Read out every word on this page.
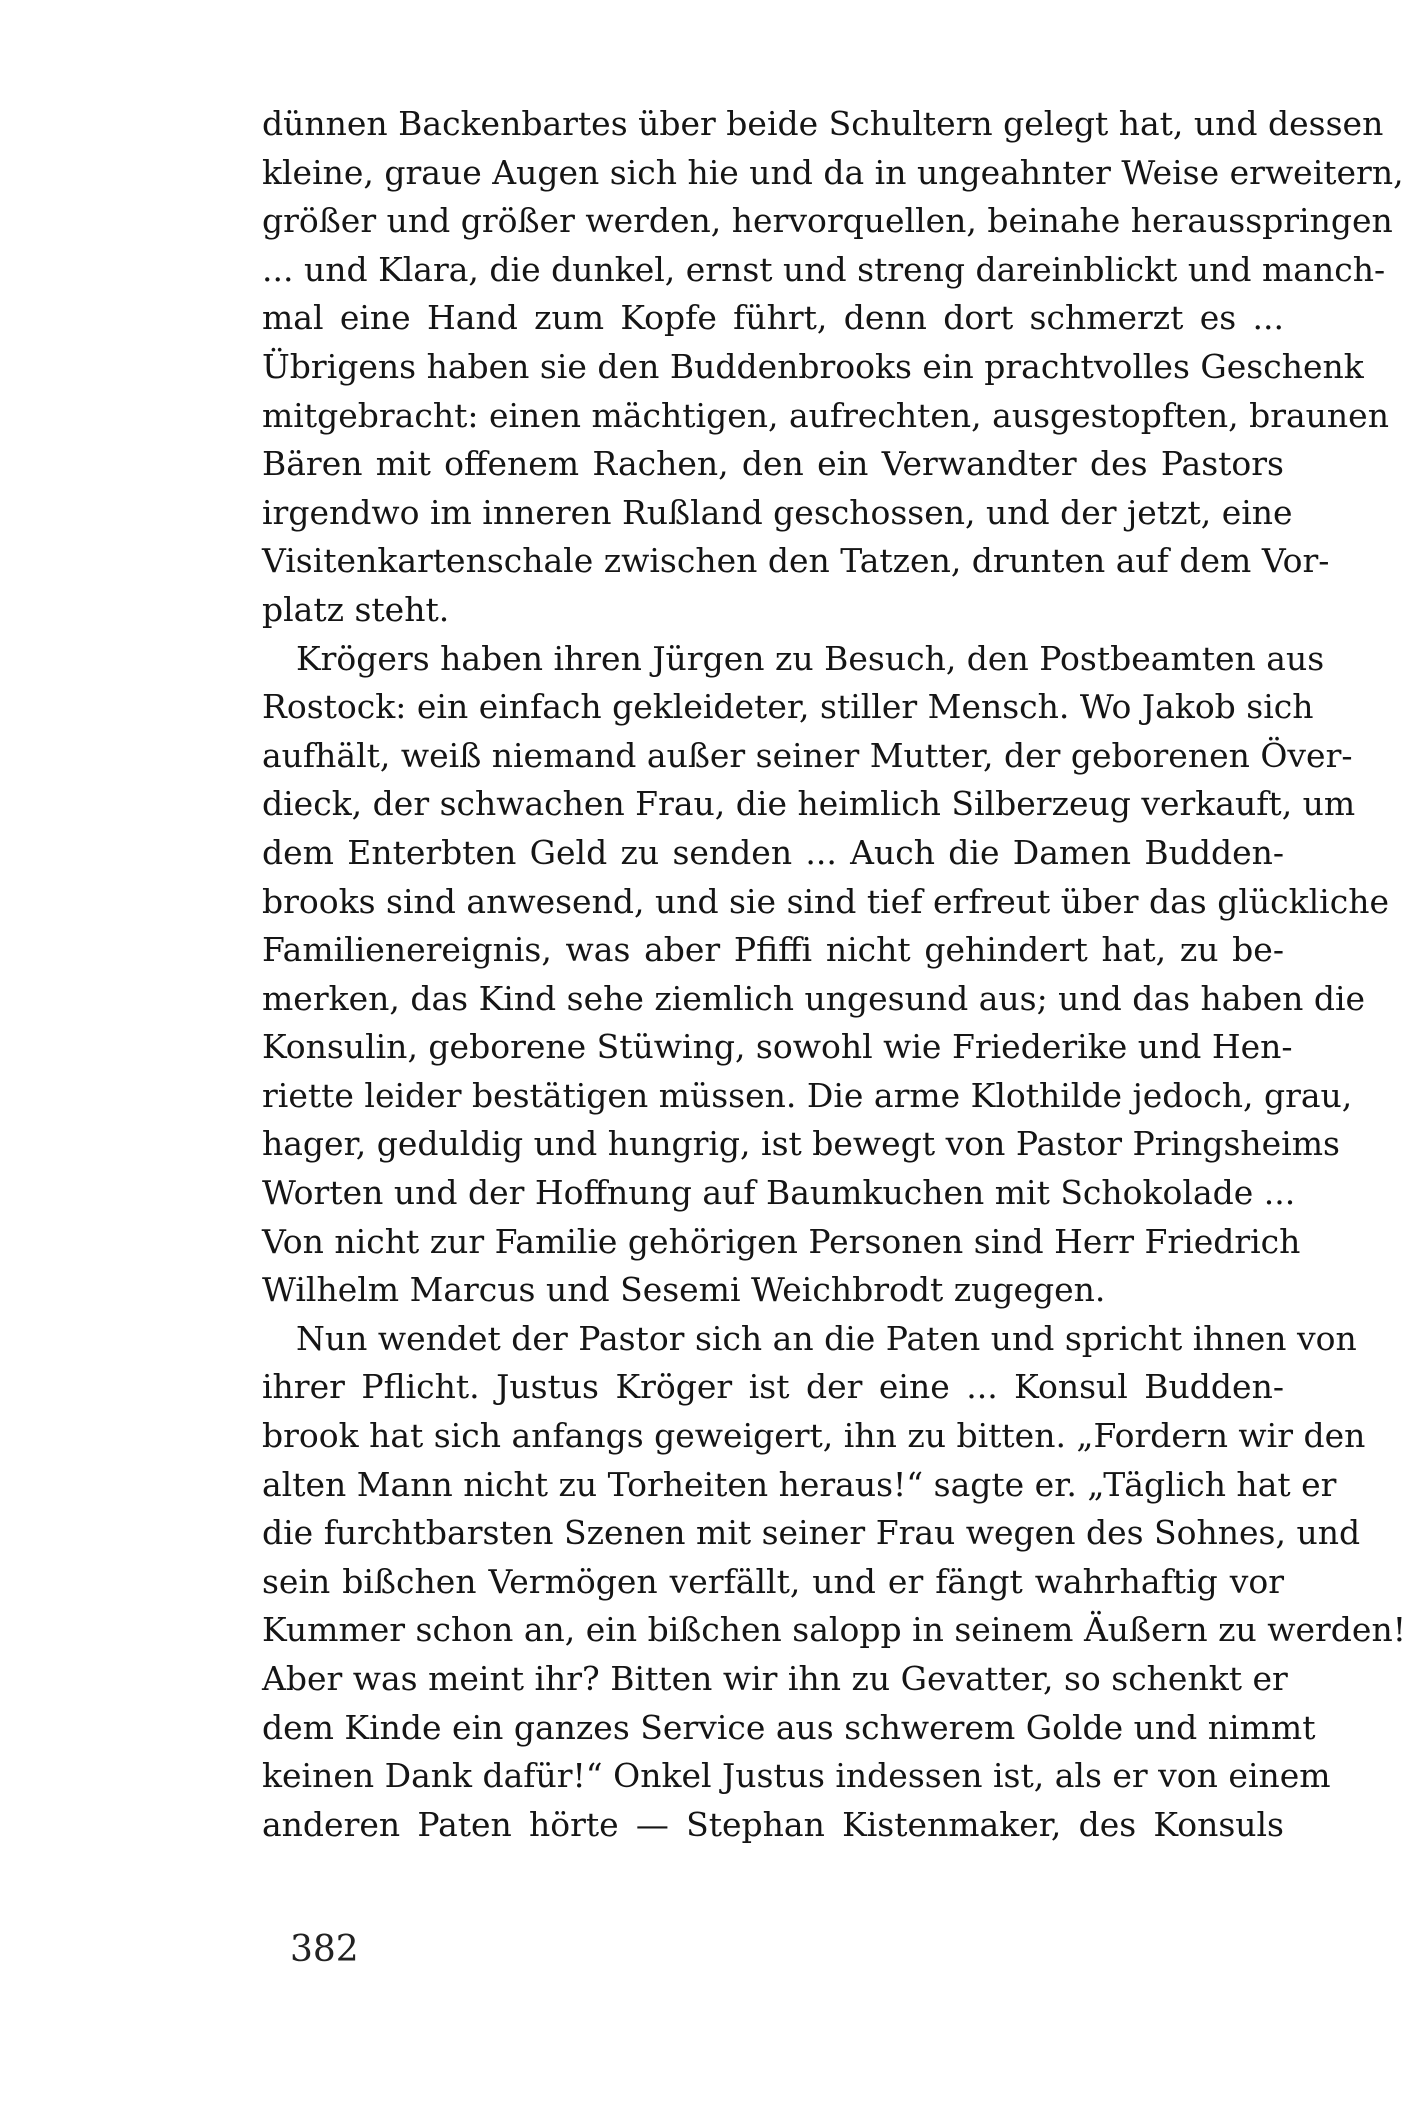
dünnen Backenbartes über beide Schultern gelegt hat, und dessen
kleine, graue Augen sich hie und da in ungeahnter Weise erweitern,
größer und größer werden, hervorquellen, beinahe herausspringen
... und Klara, die dunkel, ernst und streng dareinblickt und manch-
mal eine Hand zum Kopfe führt, denn dort schmerzt es ...
Übrigens haben sie den Buddenbrooks ein prachtvolles Geschenk
mitgebracht: einen mächtigen, aufrechten, ausgestopften, braunen
Bären mit offenem Rachen, den ein Verwandter des Pastors
irgendwo im inneren Rußland geschossen, und der jetzt, eine
Visitenkartenschale zwischen den Tatzen, drunten auf dem Vor-
platz steht.
Krögers haben ihren Jürgen zu Besuch, den Postbeamten aus
Rostock: ein einfach gekleideter, stiller Mensch. Wo Jakob sich
aufhält, weiß niemand außer seiner Mutter, der geborenen Över-
dieck, der schwachen Frau, die heimlich Silberzeug verkauft, um
dem Enterbten Geld zu senden ... Auch die Damen Budden-
brooks sind anwesend, und sie sind tief erfreut über das glückliche
Familienereignis, was aber Pfiffi nicht gehindert hat, zu be-
merken, das Kind sehe ziemlich ungesund aus; und das haben die
Konsulin, geborene Stüwing, sowohl wie Friederike und Hen-
riette leider bestätigen müssen. Die arme Klothilde jedoch, grau,
hager, geduldig und hungrig, ist bewegt von Pastor Pringsheims
Worten und der Hoffnung auf Baumkuchen mit Schokolade ...
Von nicht zur Familie gehörigen Personen sind Herr Friedrich
Wilhelm Marcus und Sesemi Weichbrodt zugegen.
Nun wendet der Pastor sich an die Paten und spricht ihnen von
ihrer Pflicht. Justus Kröger ist der eine ... Konsul Budden-
brook hat sich anfangs geweigert, ihn zu bitten. „Fordern wir den
alten Mann nicht zu Torheiten heraus!“ sagte er. „Täglich hat er
die furchtbarsten Szenen mit seiner Frau wegen des Sohnes, und
sein bißchen Vermögen verfällt, und er fängt wahrhaftig vor
Kummer schon an, ein bißchen salopp in seinem Äußern zu werden!
Aber was meint ihr? Bitten wir ihn zu Gevatter, so schenkt er
dem Kinde ein ganzes Service aus schwerem Golde und nimmt
keinen Dank dafür!“ Onkel Justus indessen ist, als er von einem
anderen Paten hörte — Stephan Kistenmaker, des Konsuls
382
